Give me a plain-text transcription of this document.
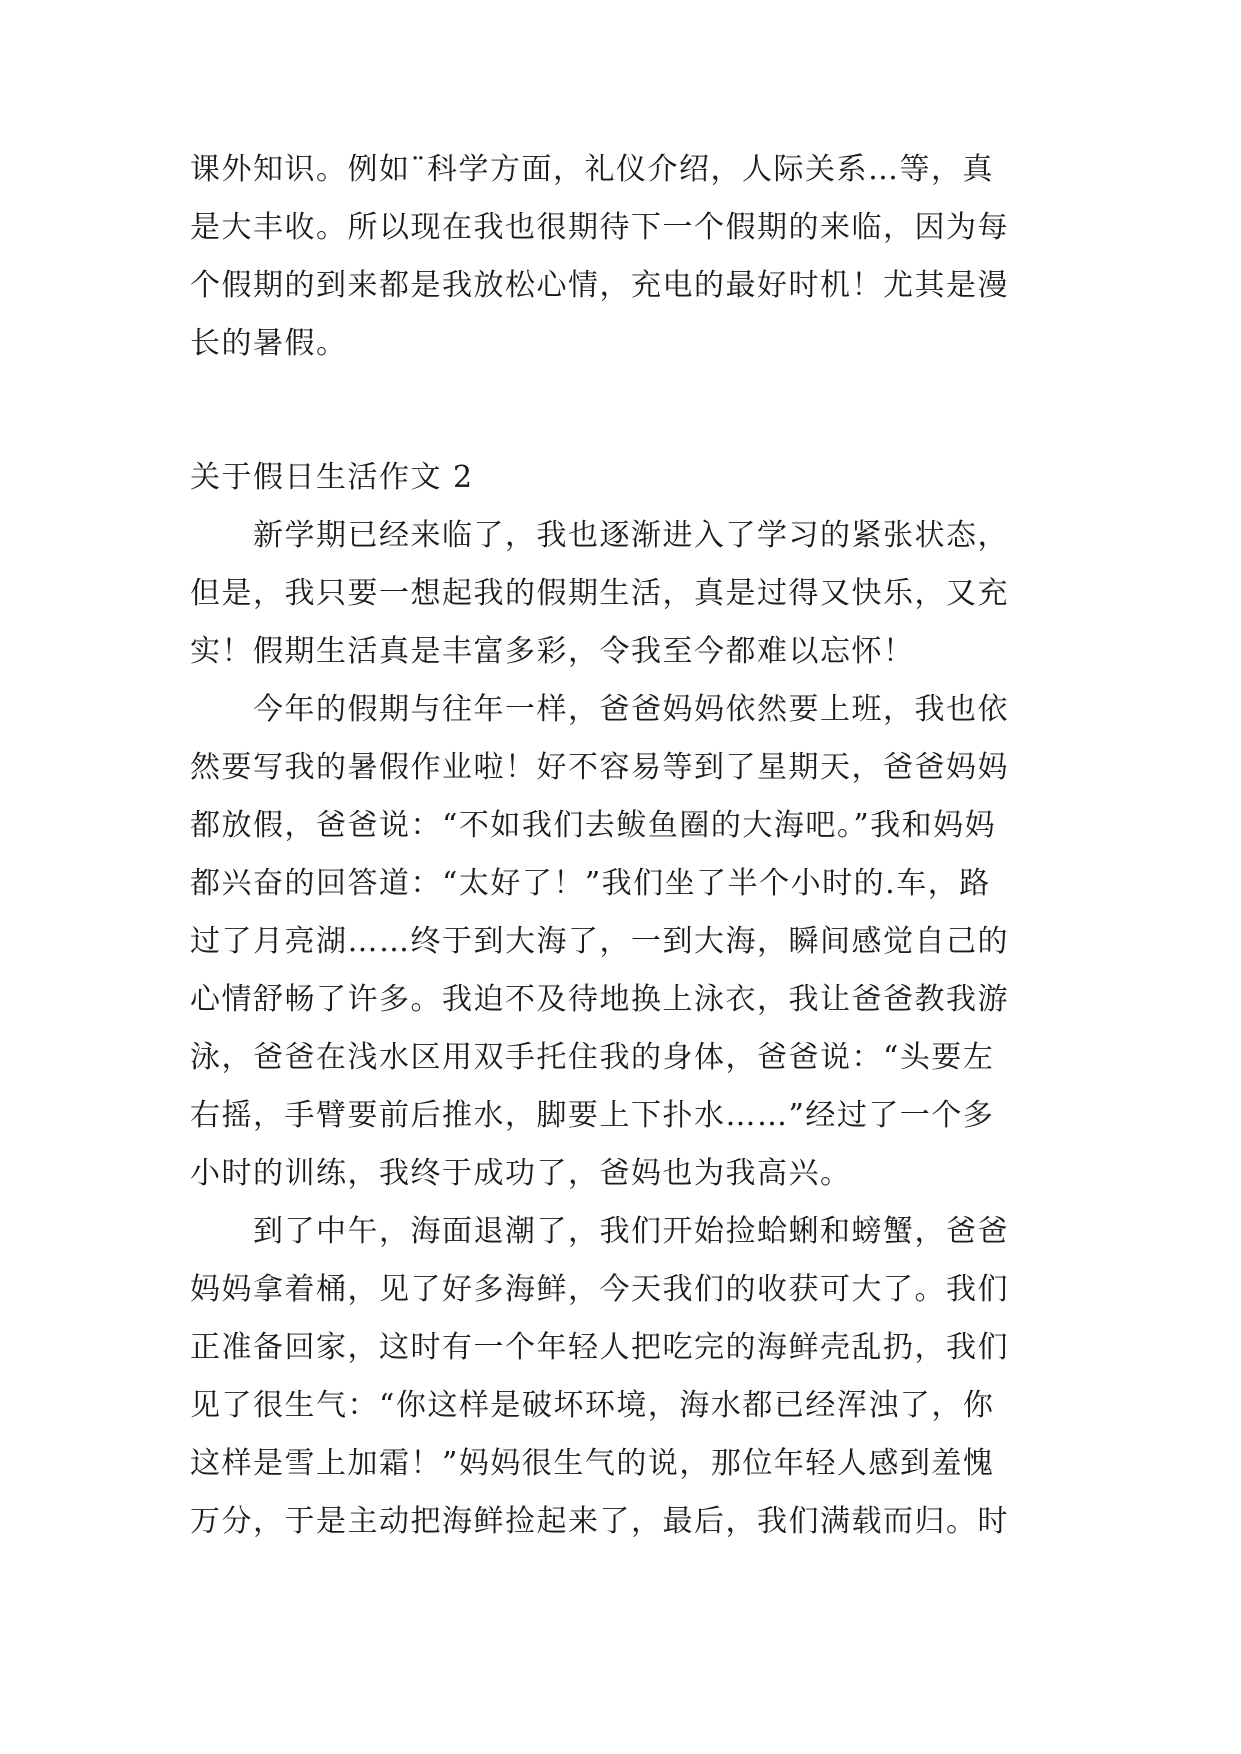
课外知识。例如¨科学方面，礼仪介绍，人际关系…等，真
是大丰收。所以现在我也很期待下一个假期的来临，因为每
个假期的到来都是我放松心情，充电的最好时机！尤其是漫
长的暑假。
关于假日生活作文 2
　　新学期已经来临了，我也逐渐进入了学习的紧张状态，
但是，我只要一想起我的假期生活，真是过得又快乐，又充
实！假期生活真是丰富多彩，令我至今都难以忘怀！
　　今年的假期与往年一样，爸爸妈妈依然要上班，我也依
然要写我的暑假作业啦！好不容易等到了星期天，爸爸妈妈
都放假，爸爸说：“不如我们去鲅鱼圈的大海吧。”我和妈妈
都兴奋的回答道：“太好了！”我们坐了半个小时的.车，路
过了月亮湖……终于到大海了，一到大海，瞬间感觉自己的
心情舒畅了许多。我迫不及待地换上泳衣，我让爸爸教我游
泳，爸爸在浅水区用双手托住我的身体，爸爸说：“头要左
右摇，手臂要前后推水，脚要上下扑水……”经过了一个多
小时的训练，我终于成功了，爸妈也为我高兴。
　　到了中午，海面退潮了，我们开始捡蛤蜊和螃蟹，爸爸
妈妈拿着桶，见了好多海鲜，今天我们的收获可大了。我们
正准备回家，这时有一个年轻人把吃完的海鲜壳乱扔，我们
见了很生气：“你这样是破坏环境，海水都已经浑浊了，你
这样是雪上加霜！”妈妈很生气的说，那位年轻人感到羞愧
万分，于是主动把海鲜捡起来了，最后，我们满载而归。时
